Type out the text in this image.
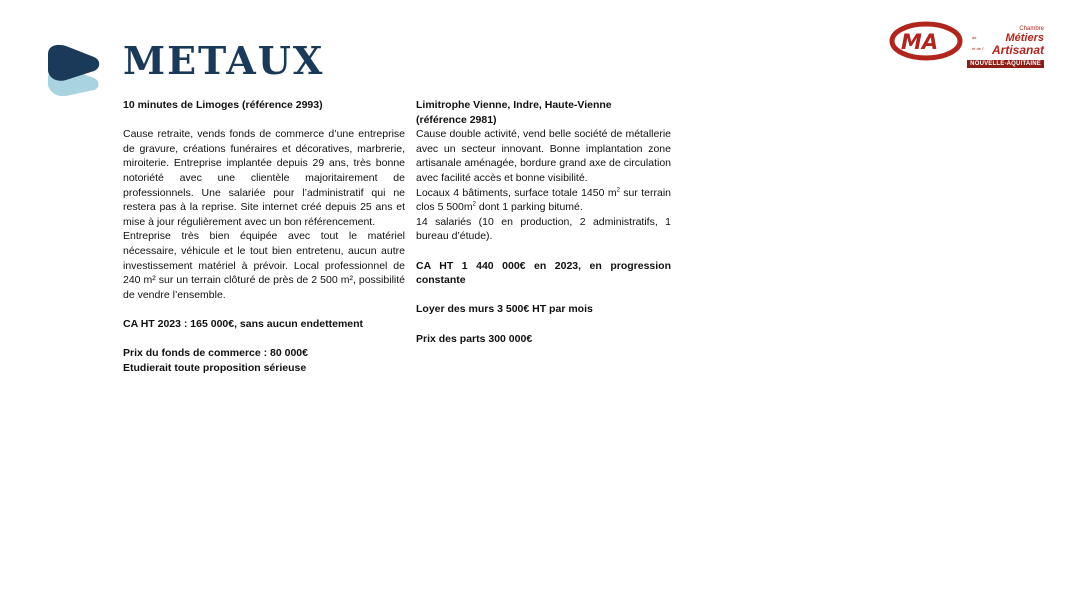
METAUX	MA
Chambre
de	Métiers
et de l' Artisanat
NOUVELLE-AQUITAINE

10 minutes de Limoges (référence 2993)

Cause retraite, vends fonds de commerce d’une entreprise de gravure, créations funéraires et décoratives, marbrerie, miroiterie. Entreprise implantée depuis 29 ans, très bonne notoriété avec une clientèle majoritairement de professionnels. Une salariée pour l’administratif qui ne restera pas à la reprise. Site internet créé depuis 25 ans et mise à jour régulièrement avec un bon référencement.

Entreprise très bien équipée avec tout le matériel nécessaire, véhicule et le tout bien entretenu, aucun autre investissement matériel à prévoir. Local professionnel de 240 m² sur un terrain clôturé de près de 2 500 m², possibilité de vendre l’ensemble.

CA HT 2023 : 165 000€, sans aucun endettement

Prix du fonds de commerce : 80 000€

Etudierait toute proposition sérieuse

Limitrophe Vienne, Indre, Haute-Vienne

(référence 2981)

Cause double activité, vend belle société de métallerie avec un secteur innovant. Bonne implantation zone artisanale aménagée, bordure grand axe de circulation avec facilité accès et bonne visibilité.

Locaux 4 bâtiments, surface totale 1450 $m^2$ sur terrain clos 5 $500m^2$ dont 1 parking bitumé.

14 salariés (10 en production, 2 administratifs, 1 bureau d’étude).

CA HT 1 440 000€ en 2023, en progression constante

Loyer des murs 3 500€ HT par mois

Prix des parts 300 000€
